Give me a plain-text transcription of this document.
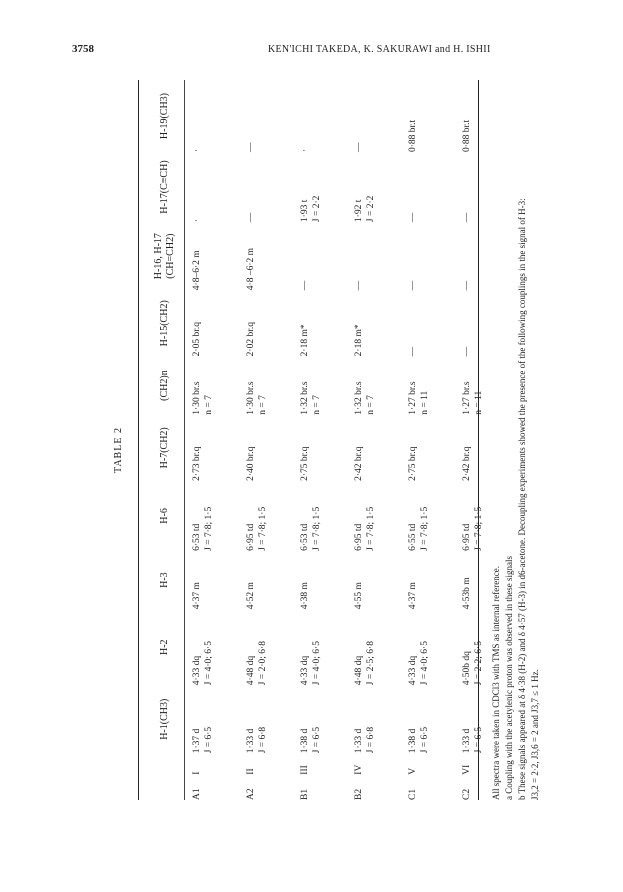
3758	KEN'ICHI TAKEDA, K. SAKURAWI and H. ISHII
TABLE 2
H-1(CH3)
H-2
H-3
H-6
H-7(CH2)
(CH2)n
H-15(CH2)
H-16, H-17 (CH=CH2)
H-17(C≡CH)
H-19(CH3)
A1
I
1·37 d J = 6·5
4·33 dq J = 4·0; 6·5
4·37 m
6·53 td J = 7·8; 1·5
2·73 br.q
1·30 br.s n = 7
2·05 br.q
4·8–6·2 m
·
·
A2
II
1·33 d J = 6·8
4·48 dq J = 2·0; 6·8
4·52 m
6·95 td J = 7·8; 1·5
2·40 br.q
1·30 br.s n = 7
2·02 br.q
4·8 –6·2 m
—
—
B1
III
1·38 d J = 6·5
4·33 dq J = 4·0; 6·5
4·38 m
6·53 td J = 7·8; 1·5
2·75 br.q
1·32 br.s n = 7
2·18 m*
—
1·93 t J = 2·2
·
B2
IV
1·33 d J = 6·8
4·48 dq J = 2·5; 6·8
4·55 m
6·95 td J = 7·8; 1·5
2·42 br.q
1·32 br.s n = 7
2·18 m*
—
1·92 t J = 2·2
—
C1
V
1·38 d J = 6·5
4·33 dq J = 4·0; 6·5
4·37 m
6·55 td J = 7·8; 1·5
2·75 br.q
1·27 br.s n = 11
—
—
—
0·88 br.t
C2
VI
1·33 d J = 6·5
4·50b dq J = 2·2; 6·5
4·53b m
6·95 td J = 7·8; 1·5
2·42 br.q
1·27 br.s n = 11
—
—
—
0·88 br.t
All spectra were taken in CDCl3 with TMS as internal reference. a Coupling with the acetylenic proton was observed in these signals b These signals appeared at δ 4·38 (H-2) and δ 4·57 (H-3) in d6-acetone. Decoupling experiments showed the presence of the following couplings in the signal of H-3: J3,2 = 2·2, J3,6 = 2 and J3,7 ≤ 1 Hz.
